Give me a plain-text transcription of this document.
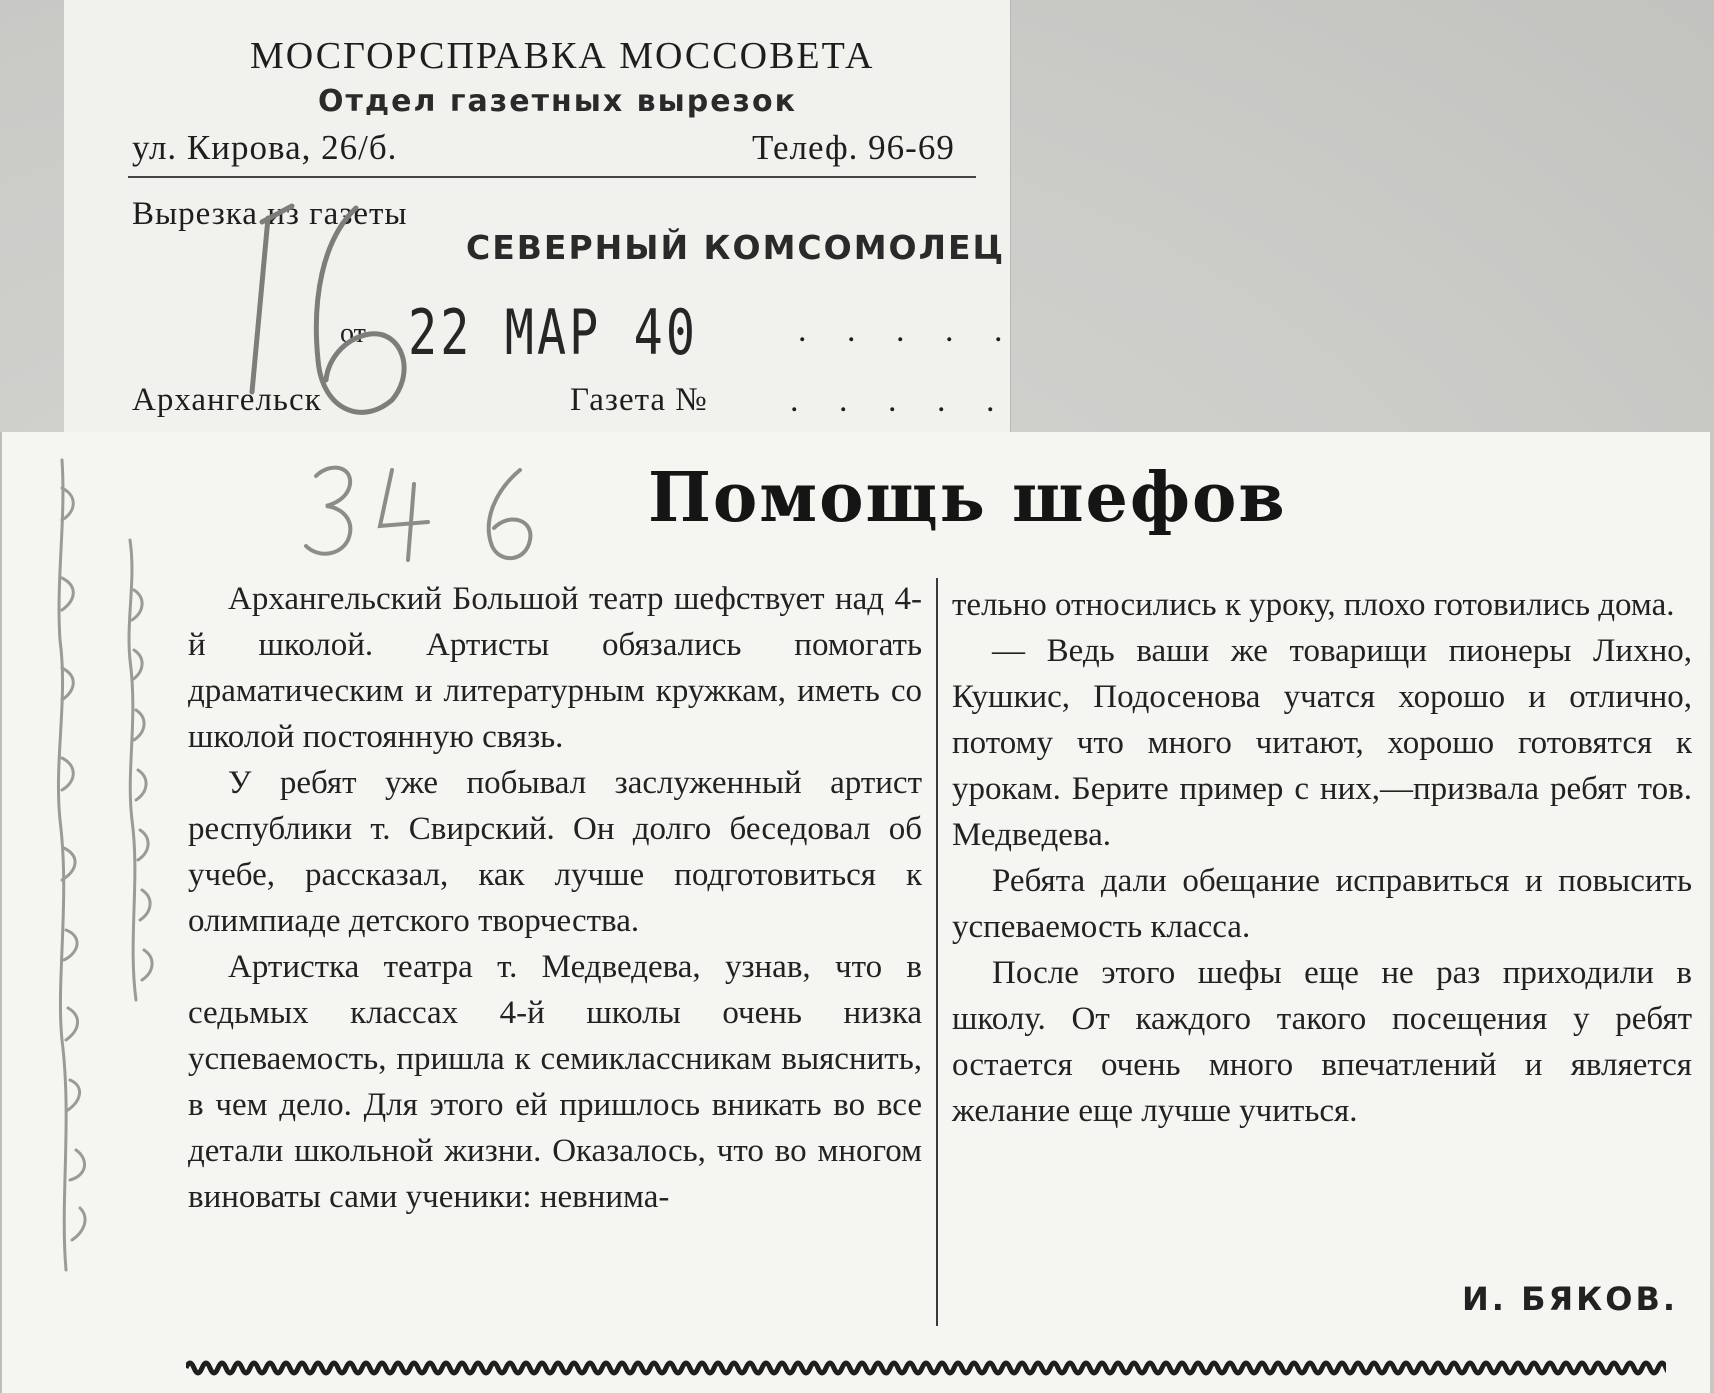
МОСГОРСПРАВКА МОССОВЕТА
Отдел газетных вырезок
ул. Кирова, 26/б.	Телеф. 96-69
Вырезка из газеты
СЕВЕРНЫЙ КОМСОМОЛЕЦ
от 22 МАР 40	. . . . .
Архангельск	Газета № . . . . .
Помощь шефов

Архангельский Большой театр шефствует над 4-й школой. Артисты обязались помогать драматическим и литературным кружкам, иметь со школой постоянную связь.

У ребят уже побывал заслуженный артист республики т. Свирский. Он долго беседовал об учебе, рассказал, как лучше подготовиться к олимпиаде детского творчества.

Артистка театра т. Медведева, узнав, что в седьмых классах 4-й школы очень низка успеваемость, пришла к семиклассникам выяснить, в чем дело. Для этого ей пришлось вникать во все детали школьной жизни. Оказалось, что во многом виноваты сами ученики: невнима-

тельно относились к уроку, плохо готовились дома.

— Ведь ваши же товарищи пионеры Лихно, Кушкис, Подосенова учатся хорошо и отлично, потому что много читают, хорошо готовятся к урокам. Берите пример с них,—призвала ребят тов. Медведева.

Ребята дали обещание исправиться и повысить успеваемость класса.

После этого шефы еще не раз приходили в школу. От каждого такого посещения у ребят остается очень много впечатлений и является желание еще лучше учиться.

И. БЯКОВ.
